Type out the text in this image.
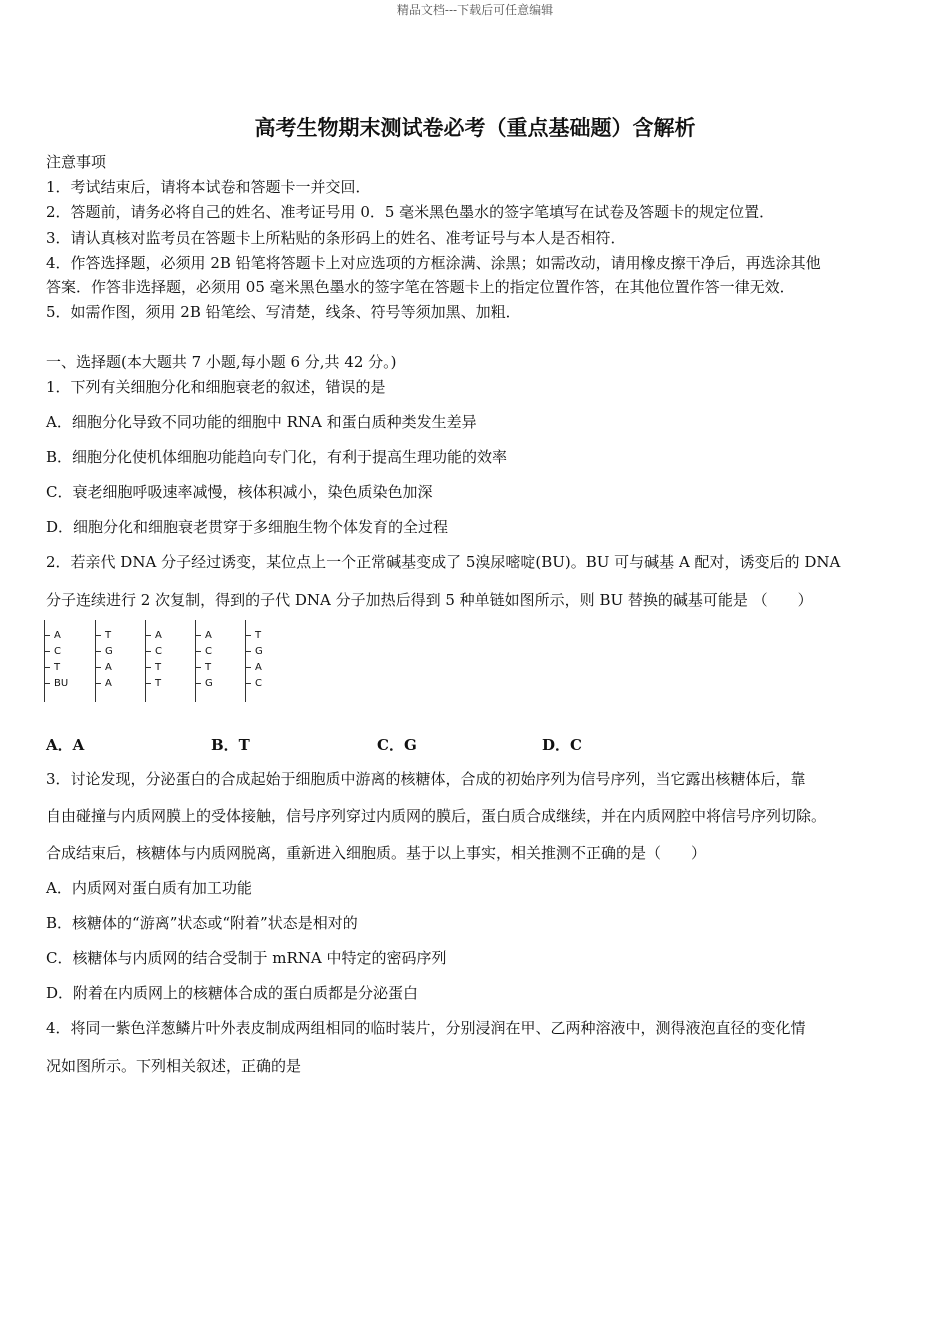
精品文档---下载后可任意编辑
高考生物期末测试卷必考（重点基础题）含解析
注意事项
1．考试结束后，请将本试卷和答题卡一并交回．
2．答题前，请务必将自己的姓名、准考证号用 0．5 毫米黑色墨水的签字笔填写在试卷及答题卡的规定位置．
3．请认真核对监考员在答题卡上所粘贴的条形码上的姓名、准考证号与本人是否相符．
4．作答选择题，必须用 2B 铅笔将答题卡上对应选项的方框涂满、涂黑；如需改动，请用橡皮擦干净后，再选涂其他
答案．作答非选择题，必须用 05 毫米黑色墨水的签字笔在答题卡上的指定位置作答，在其他位置作答一律无效．
5．如需作图，须用 2B 铅笔绘、写清楚，线条、符号等须加黑、加粗．
一、选择题(本大题共 7 小题,每小题 6 分,共 42 分。)
1．下列有关细胞分化和细胞衰老的叙述，错误的是
A．细胞分化导致不同功能的细胞中 RNA 和蛋白质种类发生差异
B．细胞分化使机体细胞功能趋向专门化，有利于提高生理功能的效率
C．衰老细胞呼吸速率减慢，核体积减小，染色质染色加深
D．细胞分化和细胞衰老贯穿于多细胞生物个体发育的全过程
2．若亲代 DNA 分子经过诱变，某位点上一个正常碱基变成了 5溴尿嘧啶(BU)。BU 可与碱基 A 配对，诱变后的 DNA
分子连续进行 2 次复制，得到的子代 DNA 分子加热后得到 5 种单链如图所示，则 BU 替换的碱基可能是 （　　）
A
C
T
BU
T
G
A
A
A
C
T
T
A
C
T
G
T
G
A
C
A．A	B．T	C．G	D．C
3．讨论发现，分泌蛋白的合成起始于细胞质中游离的核糖体，合成的初始序列为信号序列，当它露出核糖体后，靠
自由碰撞与内质网膜上的受体接触，信号序列穿过内质网的膜后，蛋白质合成继续，并在内质网腔中将信号序列切除。
合成结束后，核糖体与内质网脱离，重新进入细胞质。基于以上事实，相关推测不正确的是（　　）
A．内质网对蛋白质有加工功能
B．核糖体的“游离”状态或“附着”状态是相对的
C．核糖体与内质网的结合受制于 mRNA 中特定的密码序列
D．附着在内质网上的核糖体合成的蛋白质都是分泌蛋白
4．将同一紫色洋葱鳞片叶外表皮制成两组相同的临时装片，分别浸润在甲、乙两种溶液中，测得液泡直径的变化情
况如图所示。下列相关叙述，正确的是
